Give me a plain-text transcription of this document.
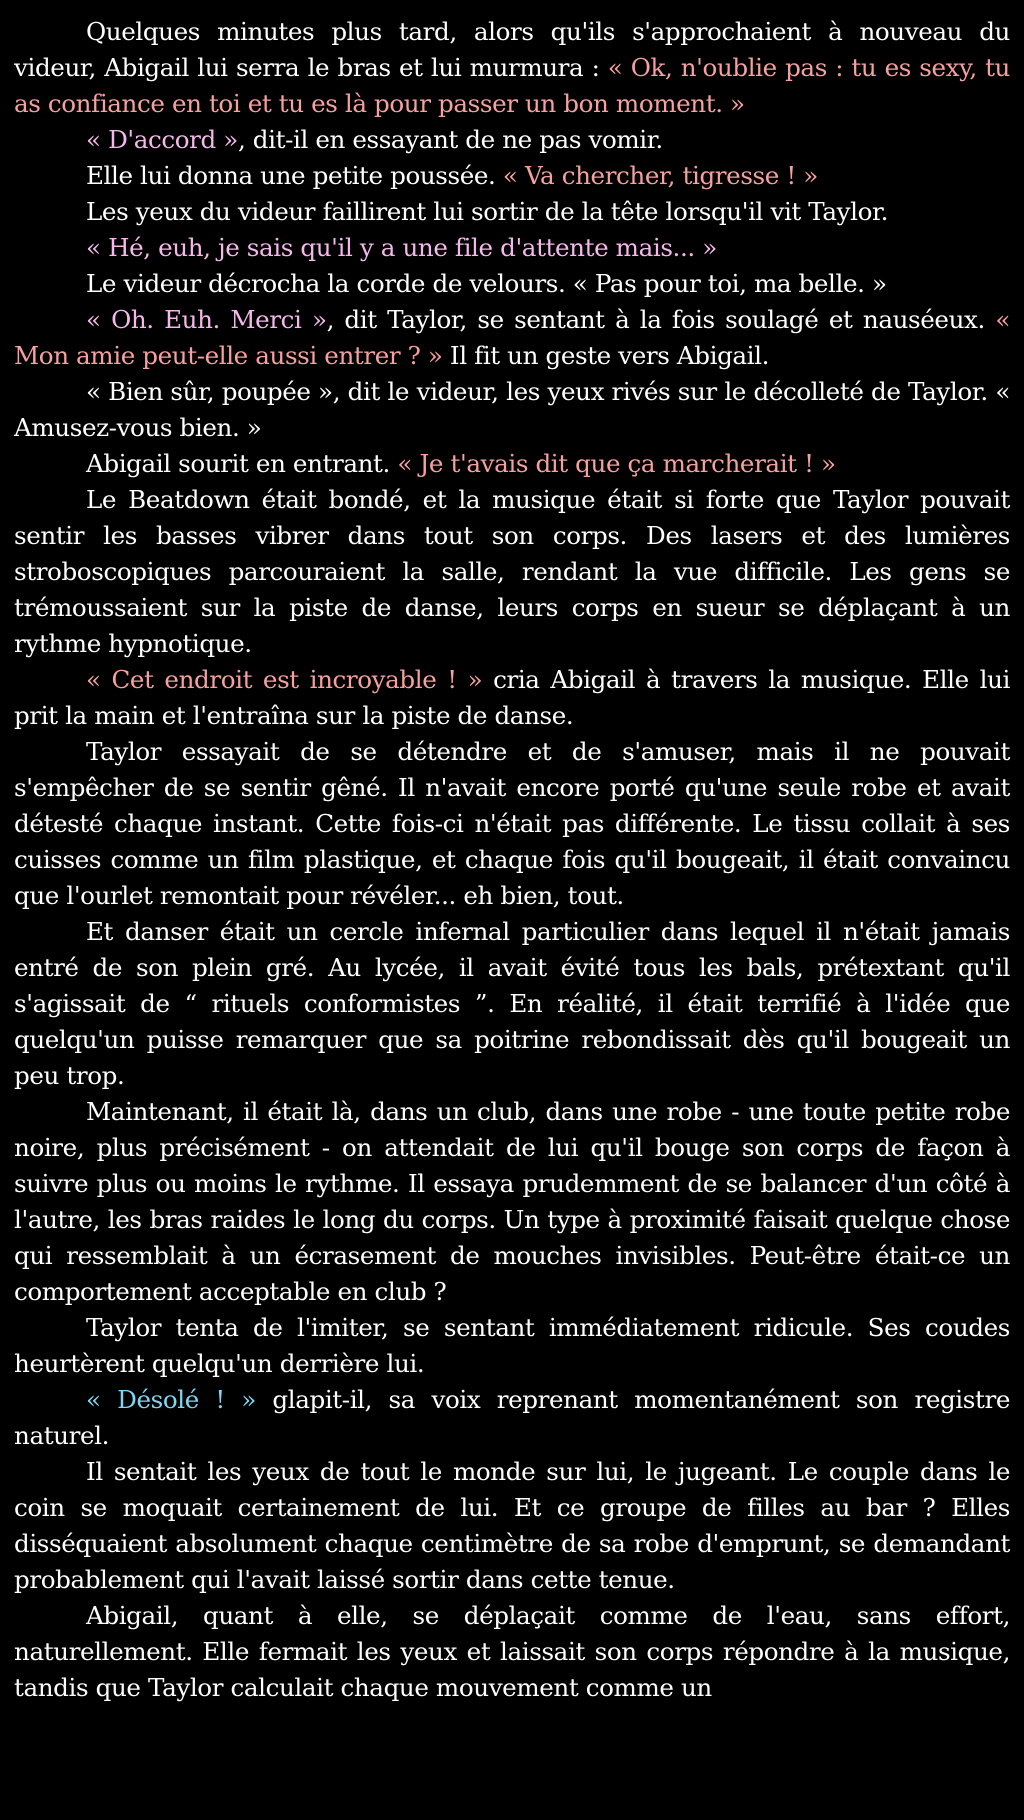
Quelques minutes plus tard, alors qu'ils s'approchaient à nouveau du videur, Abigail lui serra le bras et lui murmura : « Ok, n'oublie pas : tu es sexy, tu as confiance en toi et tu es là pour passer un bon moment. »

« D'accord », dit-il en essayant de ne pas vomir.

Elle lui donna une petite poussée. « Va chercher, tigresse ! »

Les yeux du videur faillirent lui sortir de la tête lorsqu'il vit Taylor.

« Hé, euh, je sais qu'il y a une file d'attente mais... »

Le videur décrocha la corde de velours. « Pas pour toi, ma belle. »

« Oh. Euh. Merci », dit Taylor, se sentant à la fois soulagé et nauséeux. « Mon amie peut-elle aussi entrer ? » Il fit un geste vers Abigail.

« Bien sûr, poupée », dit le videur, les yeux rivés sur le décolleté de Taylor. « Amusez-vous bien. »

Abigail sourit en entrant. « Je t'avais dit que ça marcherait ! »

Le Beatdown était bondé, et la musique était si forte que Taylor pouvait sentir les basses vibrer dans tout son corps. Des lasers et des lumières stroboscopiques parcouraient la salle, rendant la vue difficile. Les gens se trémoussaient sur la piste de danse, leurs corps en sueur se déplaçant à un rythme hypnotique.

« Cet endroit est incroyable ! » cria Abigail à travers la musique. Elle lui prit la main et l'entraîna sur la piste de danse.

Taylor essayait de se détendre et de s'amuser, mais il ne pouvait s'empêcher de se sentir gêné. Il n'avait encore porté qu'une seule robe et avait détesté chaque instant. Cette fois-ci n'était pas différente. Le tissu collait à ses cuisses comme un film plastique, et chaque fois qu'il bougeait, il était convaincu que l'ourlet remontait pour révéler... eh bien, tout.

Et danser était un cercle infernal particulier dans lequel il n'était jamais entré de son plein gré. Au lycée, il avait évité tous les bals, prétextant qu'il s'agissait de “ rituels conformistes ”. En réalité, il était terrifié à l'idée que quelqu'un puisse remarquer que sa poitrine rebondissait dès qu'il bougeait un peu trop.

Maintenant, il était là, dans un club, dans une robe - une toute petite robe noire, plus précisément - on attendait de lui qu'il bouge son corps de façon à suivre plus ou moins le rythme. Il essaya prudemment de se balancer d'un côté à l'autre, les bras raides le long du corps. Un type à proximité faisait quelque chose qui ressemblait à un écrasement de mouches invisibles. Peut-être était-ce un comportement acceptable en club ?

Taylor tenta de l'imiter, se sentant immédiatement ridicule. Ses coudes heurtèrent quelqu'un derrière lui.

« Désolé ! » glapit-il, sa voix reprenant momentanément son registre naturel.

Il sentait les yeux de tout le monde sur lui, le jugeant. Le couple dans le coin se moquait certainement de lui. Et ce groupe de filles au bar ? Elles disséquaient absolument chaque centimètre de sa robe d'emprunt, se demandant probablement qui l'avait laissé sortir dans cette tenue.

Abigail, quant à elle, se déplaçait comme de l'eau, sans effort, naturellement. Elle fermait les yeux et laissait son corps répondre à la musique, tandis que Taylor calculait chaque mouvement comme un
